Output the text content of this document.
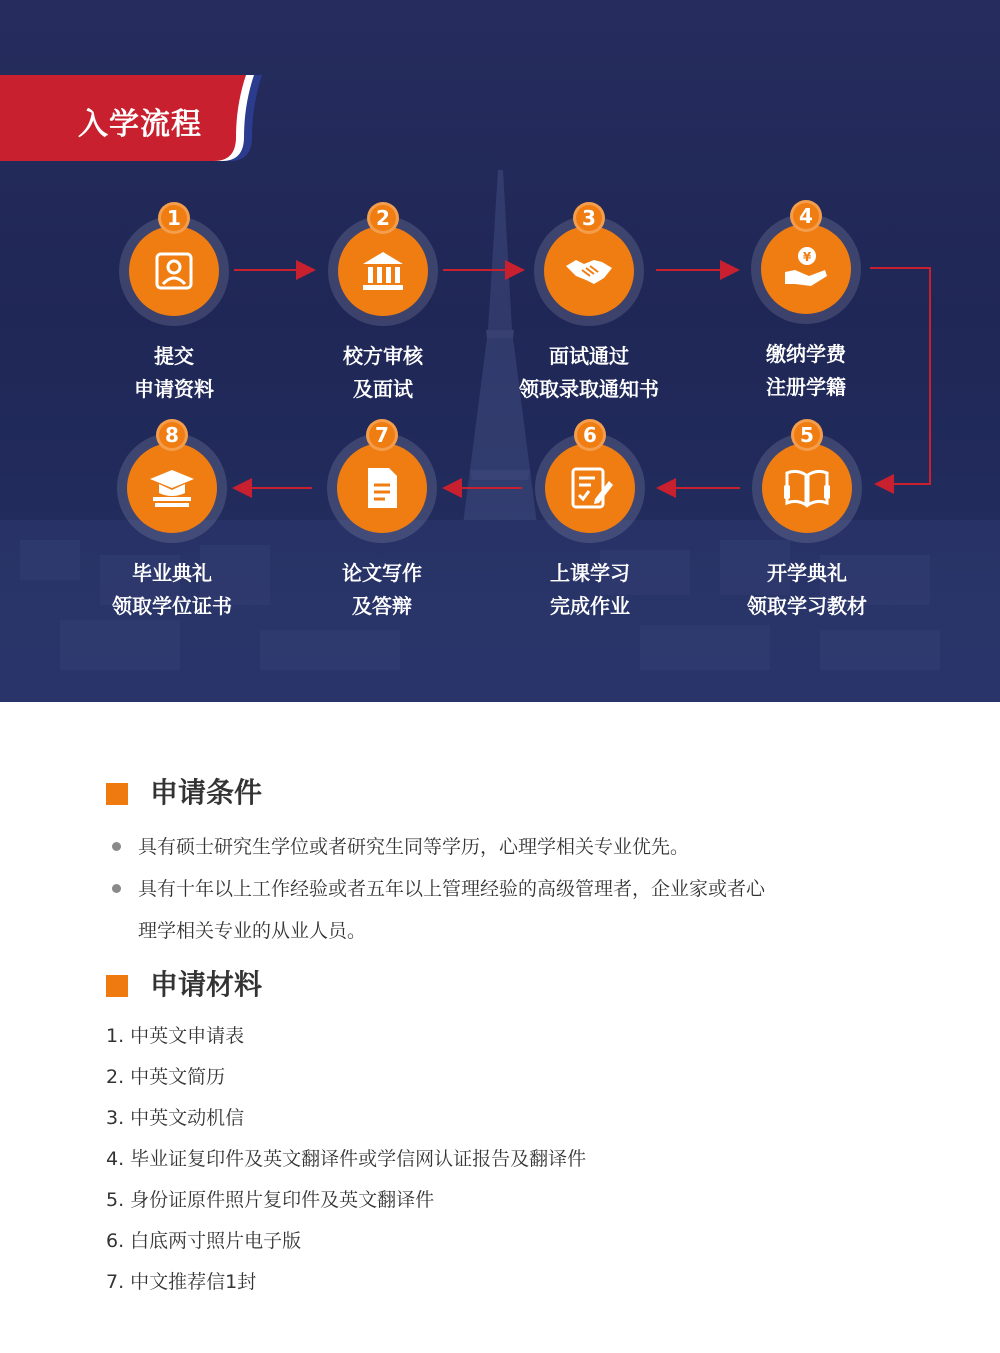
入学流程
1
提交
申请资料
2
校方审核
及面试
3
面试通过
领取录取通知书
¥
4
缴纳学费
注册学籍
8
毕业典礼
领取学位证书
7
论文写作
及答辩
6
上课学习
完成作业
5
开学典礼
领取学习教材
申请条件
具有硕士研究生学位或者研究生同等学历，心理学相关专业优先。
具有十年以上工作经验或者五年以上管理经验的高级管理者，企业家或者心
理学相关专业的从业人员。
申请材料
1. 中英文申请表
2. 中英文简历
3. 中英文动机信
4. 毕业证复印件及英文翻译件或学信网认证报告及翻译件
5. 身份证原件照片复印件及英文翻译件
6. 白底两寸照片电子版
7. 中文推荐信1封
